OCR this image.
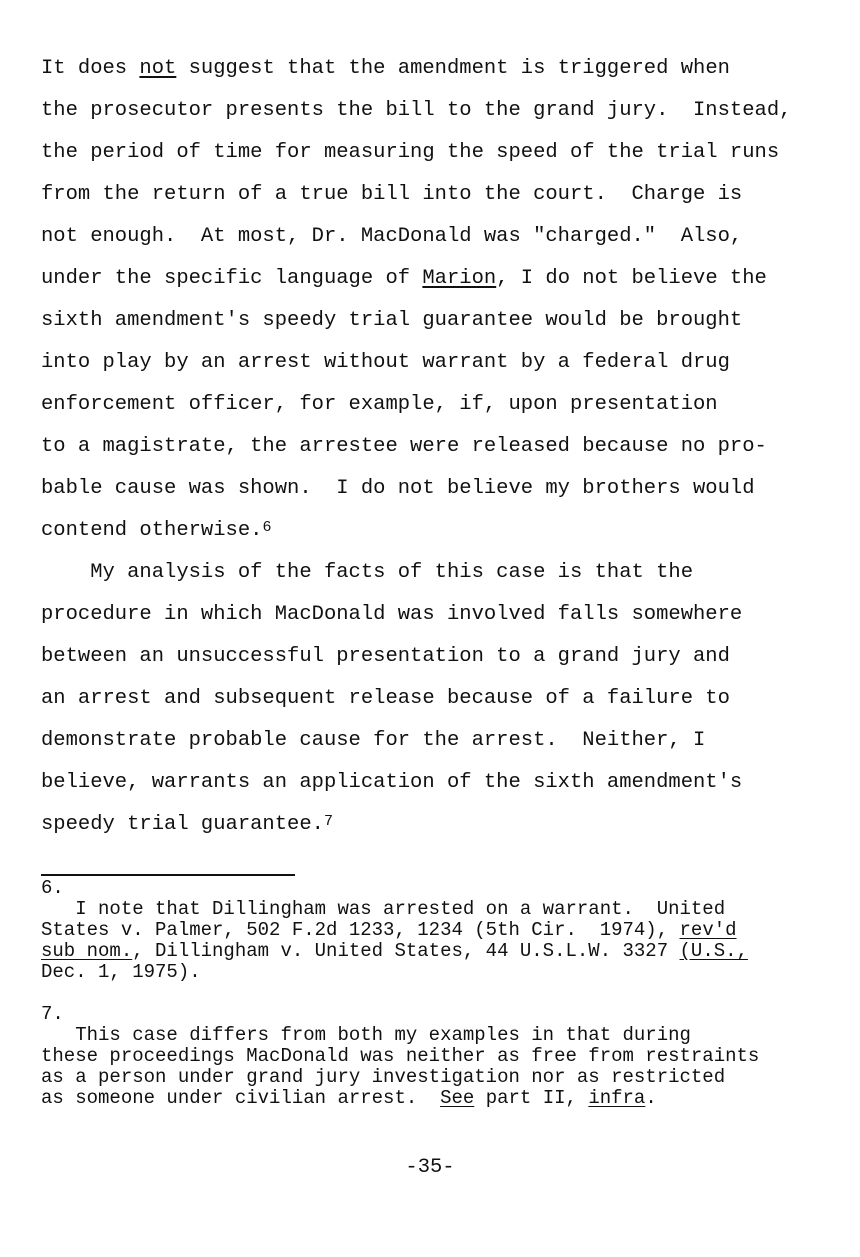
It does not suggest that the amendment is triggered when
the prosecutor presents the bill to the grand jury.  Instead,
the period of time for measuring the speed of the trial runs
from the return of a true bill into the court.  Charge is
not enough.  At most, Dr. MacDonald was "charged."  Also,
under the specific language of Marion, I do not believe the
sixth amendment's speedy trial guarantee would be brought
into play by an arrest without warrant by a federal drug
enforcement officer, for example, if, upon presentation
to a magistrate, the arrestee were released because no pro-
bable cause was shown.  I do not believe my brothers would
contend otherwise.$^6$
My analysis of the facts of this case is that the
procedure in which MacDonald was involved falls somewhere
between an unsuccessful presentation to a grand jury and
an arrest and subsequent release because of a failure to
demonstrate probable cause for the arrest.  Neither, I
believe, warrants an application of the sixth amendment's
speedy trial guarantee.$^7$
6.
I note that Dillingham was arrested on a warrant.  United
States v. Palmer, 502 F.2d 1233, 1234 (5th Cir.  1974), rev'd
sub nom., Dillingham v. United States, 44 U.S.L.W. 3327 (U.S.,
Dec. 1, 1975).
7.
This case differs from both my examples in that during
these proceedings MacDonald was neither as free from restraints
as a person under grand jury investigation nor as restricted
as someone under civilian arrest.  See part II, infra.
-35-
